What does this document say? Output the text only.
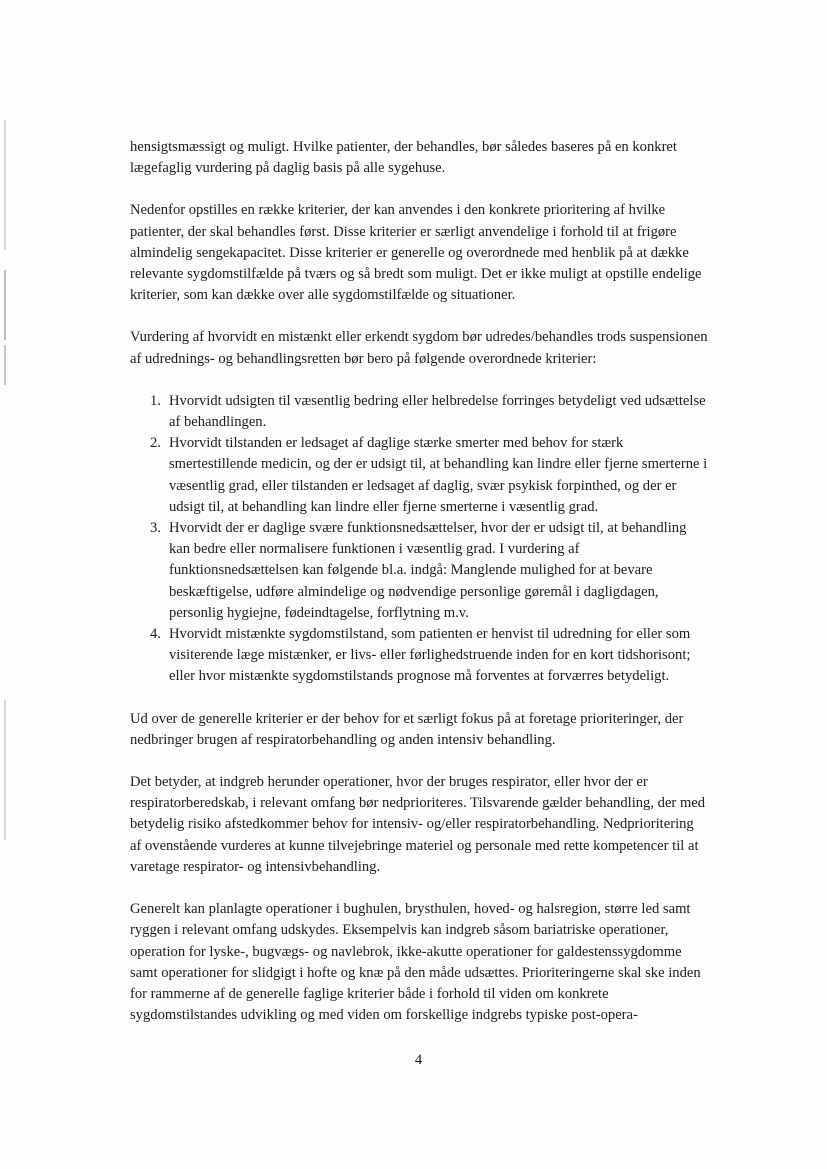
hensigtsmæssigt og muligt. Hvilke patienter, der behandles, bør således baseres på en konkret lægefaglig vurdering på daglig basis på alle sygehuse.

Nedenfor opstilles en række kriterier, der kan anvendes i den konkrete prioritering af hvilke patienter, der skal behandles først. Disse kriterier er særligt anvendelige i forhold til at frigøre almindelig sengekapacitet. Disse kriterier er generelle og overordnede med henblik på at dække relevante sygdomstilfælde på tværs og så bredt som muligt. Det er ikke muligt at opstille endelige kriterier, som kan dække over alle sygdomstilfælde og situationer.

Vurdering af hvorvidt en mistænkt eller erkendt sygdom bør udredes/behandles trods suspensionen af udrednings- og behandlingsretten bør bero på følgende overordnede kriterier:

1. Hvorvidt udsigten til væsentlig bedring eller helbredelse forringes betydeligt ved udsættelse af behandlingen.
2. Hvorvidt tilstanden er ledsaget af daglige stærke smerter med behov for stærk smertestillende medicin, og der er udsigt til, at behandling kan lindre eller fjerne smerterne i væsentlig grad, eller tilstanden er ledsaget af daglig, svær psykisk forpinthed, og der er udsigt til, at behandling kan lindre eller fjerne smerterne i væsentlig grad.
3. Hvorvidt der er daglige svære funktionsnedsættelser, hvor der er udsigt til, at behandling kan bedre eller normalisere funktionen i væsentlig grad. I vurdering af funktionsnedsættelsen kan følgende bl.a. indgå: Manglende mulighed for at bevare beskæftigelse, udføre almindelige og nødvendige personlige gøremål i dagligdagen, personlig hygiejne, fødeindtagelse, forflytning m.v.
4. Hvorvidt mistænkte sygdomstilstand, som patienten er henvist til udredning for eller som visiterende læge mistænker, er livs- eller førlighedstruende inden for en kort tidshorisont; eller hvor mistænkte sygdomstilstands prognose må forventes at forværres betydeligt.

Ud over de generelle kriterier er der behov for et særligt fokus på at foretage prioriteringer, der nedbringer brugen af respiratorbehandling og anden intensiv behandling.

Det betyder, at indgreb herunder operationer, hvor der bruges respirator, eller hvor der er respiratorberedskab, i relevant omfang bør nedprioriteres. Tilsvarende gælder behandling, der med betydelig risiko afstedkommer behov for intensiv- og/eller respiratorbehandling. Nedprioritering af ovenstående vurderes at kunne tilvejebringe materiel og personale med rette kompetencer til at varetage respirator- og intensivbehandling.

Generelt kan planlagte operationer i bughulen, brysthulen, hoved- og halsregion, større led samt ryggen i relevant omfang udskydes. Eksempelvis kan indgreb såsom bariatriske operationer, operation for lyske-, bugvægs- og navlebrok, ikke-akutte operationer for galdestenssygdomme samt operationer for slidgigt i hofte og knæ på den måde udsættes. Prioriteringerne skal ske inden for rammerne af de generelle faglige kriterier både i forhold til viden om konkrete sygdomstilstandes udvikling og med viden om forskellige indgrebs typiske post-opera-

4
